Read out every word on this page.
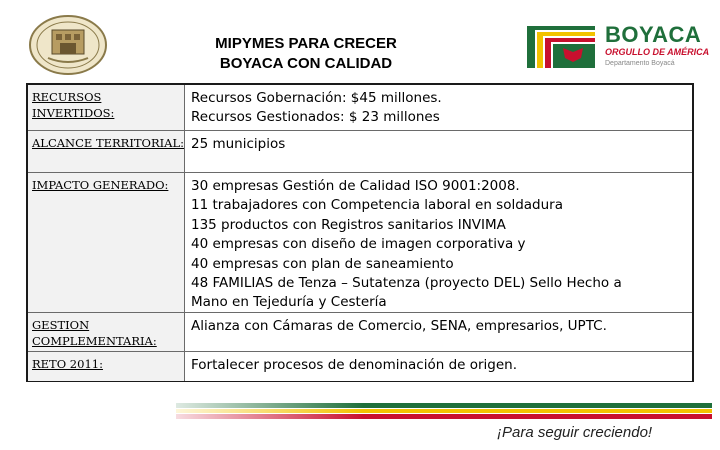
MIPYMES PARA CRECER
BOYACA CON CALIDAD
BOYACA
ORGULLO DE AMÉRICA
Departamento Boyacá
RECURSOS INVERTIDOS:
Recursos Gobernación: $45 millones.
Recursos Gestionados: $ 23 millones
ALCANCE TERRITORIAL: 25 municipios
IMPACTO GENERADO:	30 empresas Gestión de Calidad ISO 9001:2008.
11 trabajadores con Competencia laboral en soldadura
135 productos con Registros sanitarios INVIMA
40 empresas con diseño de imagen corporativa y
40 empresas con plan de saneamiento
48 FAMILIAS de Tenza – Sutatenza (proyecto DEL) Sello Hecho a
Mano en Tejeduría y Cestería
GESTION COMPLEMENTARIA:
Alianza con Cámaras de Comercio, SENA, empresarios, UPTC.
RETO 2011:	Fortalecer procesos de denominación de origen.
¡Para seguir creciendo!
